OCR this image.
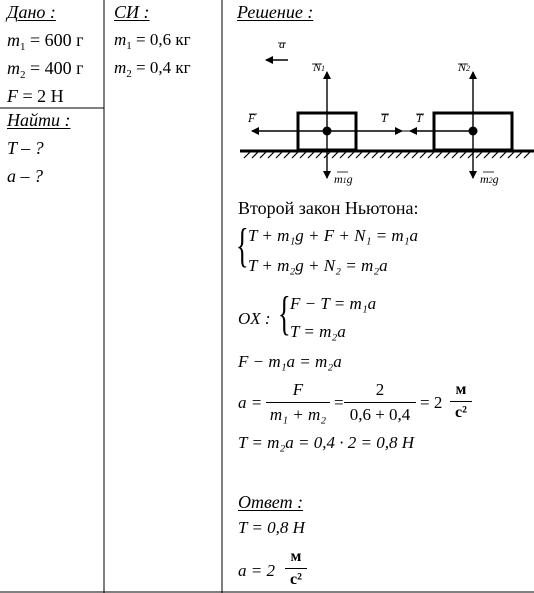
Дано :
$m_1 = 600$ г
$m_2 = 400$ г
F = 2 Н
Найти :
T – ?
a – ?
СИ :
$m_1 = 0,6$ кг
$m_2 = 0,4$ кг
Решение :
a
N1	N2
F	T T
m1g	m2g
Второй закон Ньютона:
{ T + m₁g + F + N₁ = m₁a
T + m₂g + N₂ = m₂a
OX : { F − T = m₁a
T = m₂a
F − m₁a = m₂a
a =
F
m₁ + m₂
=
2
0,6 + 0,4
= 2
м
с²
T = m₂a = 0,4 · 2 = 0,8 Н
Ответ :
T = 0,8 Н
a = 2
м
с²
